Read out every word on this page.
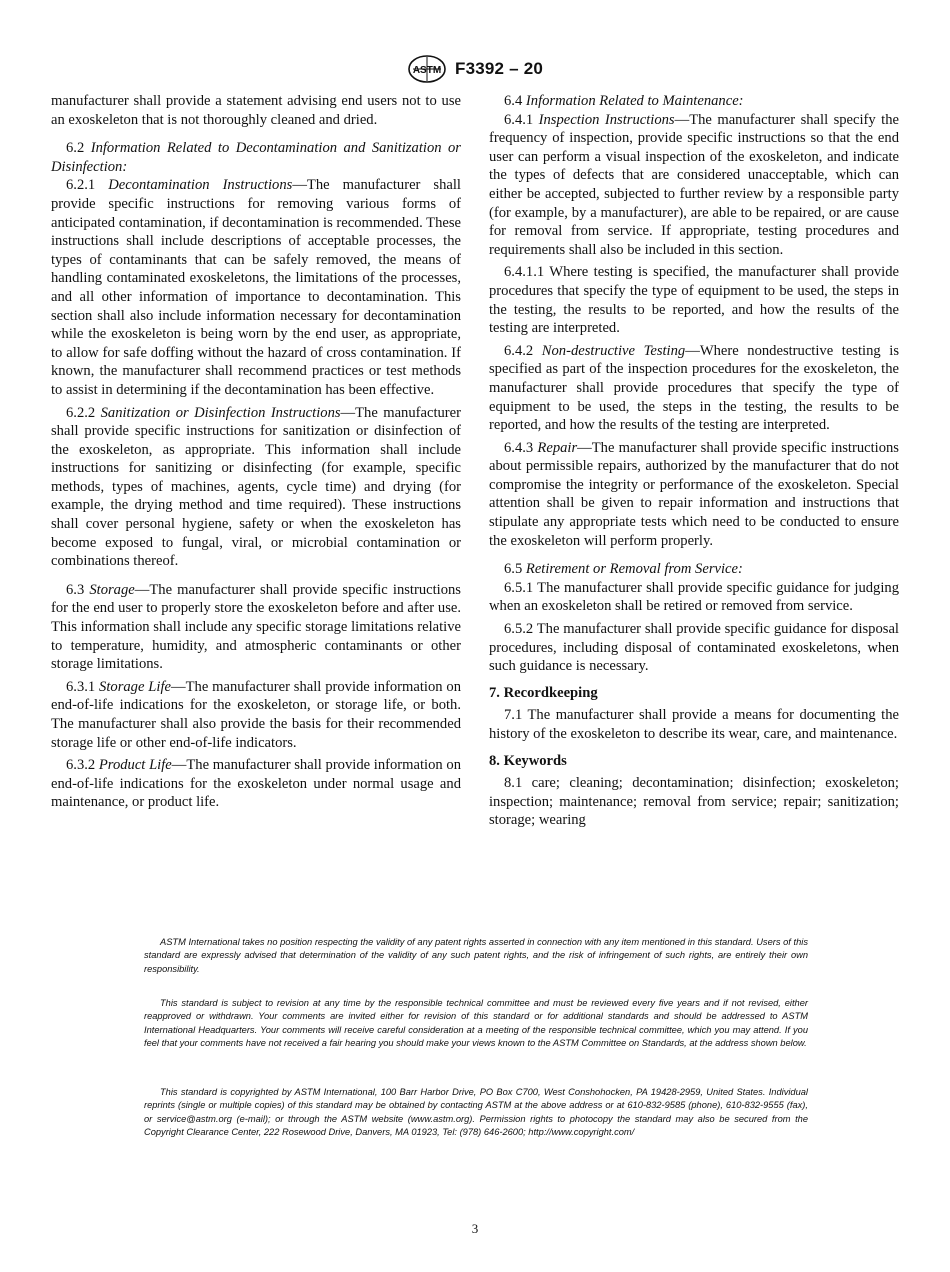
ASTM F3392 – 20

manufacturer shall provide a statement advising end users not to use an exoskeleton that is not thoroughly cleaned and dried.

6.2 Information Related to Decontamination and Sanitization or Disinfection:

6.2.1 Decontamination Instructions—The manufacturer shall provide specific instructions for removing various forms of anticipated contamination, if decontamination is recommended. These instructions shall include descriptions of acceptable processes, the types of contaminants that can be safely removed, the means of handling contaminated exoskeletons, the limitations of the processes, and all other information of importance to decontamination. This section shall also include information necessary for decontamination while the exoskeleton is being worn by the end user, as appropriate, to allow for safe doffing without the hazard of cross contamination. If known, the manufacturer shall recommend practices or test methods to assist in determining if the decontamination has been effective.

6.2.2 Sanitization or Disinfection Instructions—The manufacturer shall provide specific instructions for sanitization or disinfection of the exoskeleton, as appropriate. This information shall include instructions for sanitizing or disinfecting (for example, specific methods, types of machines, agents, cycle time) and drying (for example, the drying method and time required). These instructions shall cover personal hygiene, safety or when the exoskeleton has become exposed to fungal, viral, or microbial contamination or combinations thereof.

6.3 Storage—The manufacturer shall provide specific instructions for the end user to properly store the exoskeleton before and after use. This information shall include any specific storage limitations relative to temperature, humidity, and atmospheric contaminants or other storage limitations.

6.3.1 Storage Life—The manufacturer shall provide information on end-of-life indications for the exoskeleton, or storage life, or both. The manufacturer shall also provide the basis for their recommended storage life or other end-of-life indicators.

6.3.2 Product Life—The manufacturer shall provide information on end-of-life indications for the exoskeleton under normal usage and maintenance, or product life.

6.4 Information Related to Maintenance:

6.4.1 Inspection Instructions—The manufacturer shall specify the frequency of inspection, provide specific instructions so that the end user can perform a visual inspection of the exoskeleton, and indicate the types of defects that are considered unacceptable, which can either be accepted, subjected to further review by a responsible party (for example, by a manufacturer), are able to be repaired, or are cause for removal from service. If appropriate, testing procedures and requirements shall also be included in this section.

6.4.1.1 Where testing is specified, the manufacturer shall provide procedures that specify the type of equipment to be used, the steps in the testing, the results to be reported, and how the results of the testing are interpreted.

6.4.2 Non-destructive Testing—Where nondestructive testing is specified as part of the inspection procedures for the exoskeleton, the manufacturer shall provide procedures that specify the type of equipment to be used, the steps in the testing, the results to be reported, and how the results of the testing are interpreted.

6.4.3 Repair—The manufacturer shall provide specific instructions about permissible repairs, authorized by the manufacturer that do not compromise the integrity or performance of the exoskeleton. Special attention shall be given to repair information and instructions that stipulate any appropriate tests which need to be conducted to ensure the exoskeleton will perform properly.

6.5 Retirement or Removal from Service:

6.5.1 The manufacturer shall provide specific guidance for judging when an exoskeleton shall be retired or removed from service.

6.5.2 The manufacturer shall provide specific guidance for disposal procedures, including disposal of contaminated exoskeletons, when such guidance is necessary.

7. Recordkeeping

7.1 The manufacturer shall provide a means for documenting the history of the exoskeleton to describe its wear, care, and maintenance.

8. Keywords

8.1 care; cleaning; decontamination; disinfection; exoskeleton; inspection; maintenance; removal from service; repair; sanitization; storage; wearing

ASTM International takes no position respecting the validity of any patent rights asserted in connection with any item mentioned in this standard. Users of this standard are expressly advised that determination of the validity of any such patent rights, and the risk of infringement of such rights, are entirely their own responsibility.

This standard is subject to revision at any time by the responsible technical committee and must be reviewed every five years and if not revised, either reapproved or withdrawn. Your comments are invited either for revision of this standard or for additional standards and should be addressed to ASTM International Headquarters. Your comments will receive careful consideration at a meeting of the responsible technical committee, which you may attend. If you feel that your comments have not received a fair hearing you should make your views known to the ASTM Committee on Standards, at the address shown below.

This standard is copyrighted by ASTM International, 100 Barr Harbor Drive, PO Box C700, West Conshohocken, PA 19428-2959, United States. Individual reprints (single or multiple copies) of this standard may be obtained by contacting ASTM at the above address or at 610-832-9585 (phone), 610-832-9555 (fax), or service@astm.org (e-mail); or through the ASTM website (www.astm.org). Permission rights to photocopy the standard may also be secured from the Copyright Clearance Center, 222 Rosewood Drive, Danvers, MA 01923, Tel: (978) 646-2600; http://www.copyright.com/

3
